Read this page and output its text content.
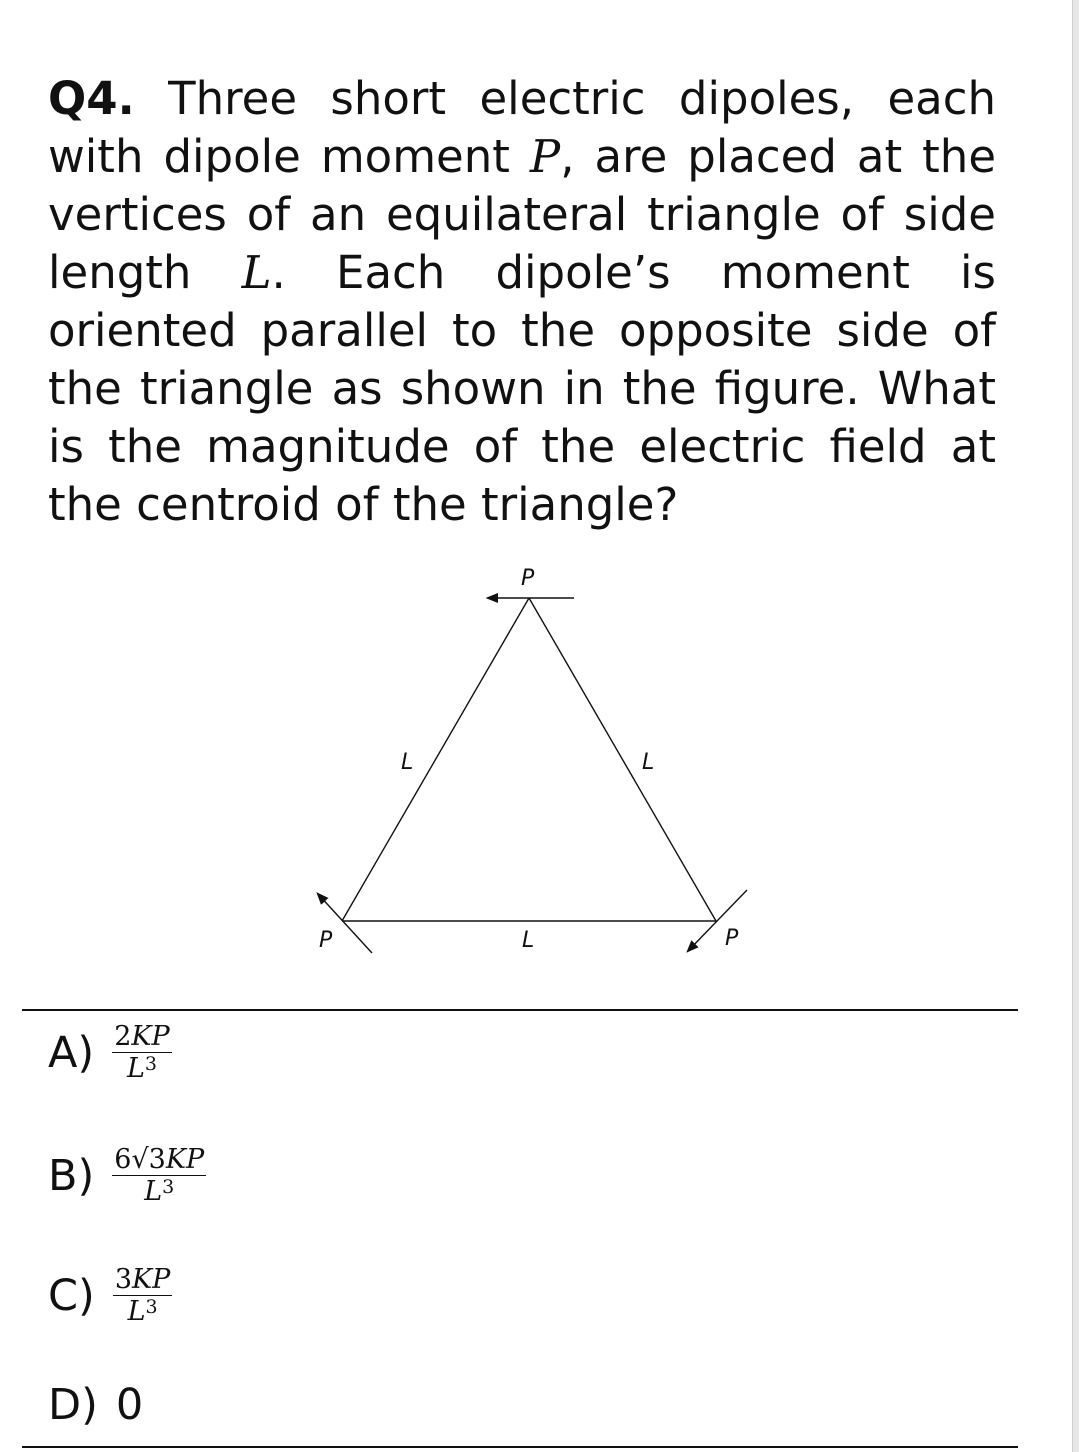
Q4. Three short electric dipoles, each with dipole moment P, are placed at the vertices of an equilateral triangle of side length L. Each dipole’s moment is oriented parallel to the opposite side of the triangle as shown in the figure. What is the magnitude of the electric field at the centroid of the triangle?
P
P	P
L	L
L
$A) \frac{2KP}{L^3}$
$B) \frac{6√3KP}{L^3}$
$C) \frac{3KP}{L^3}$
D) 0
